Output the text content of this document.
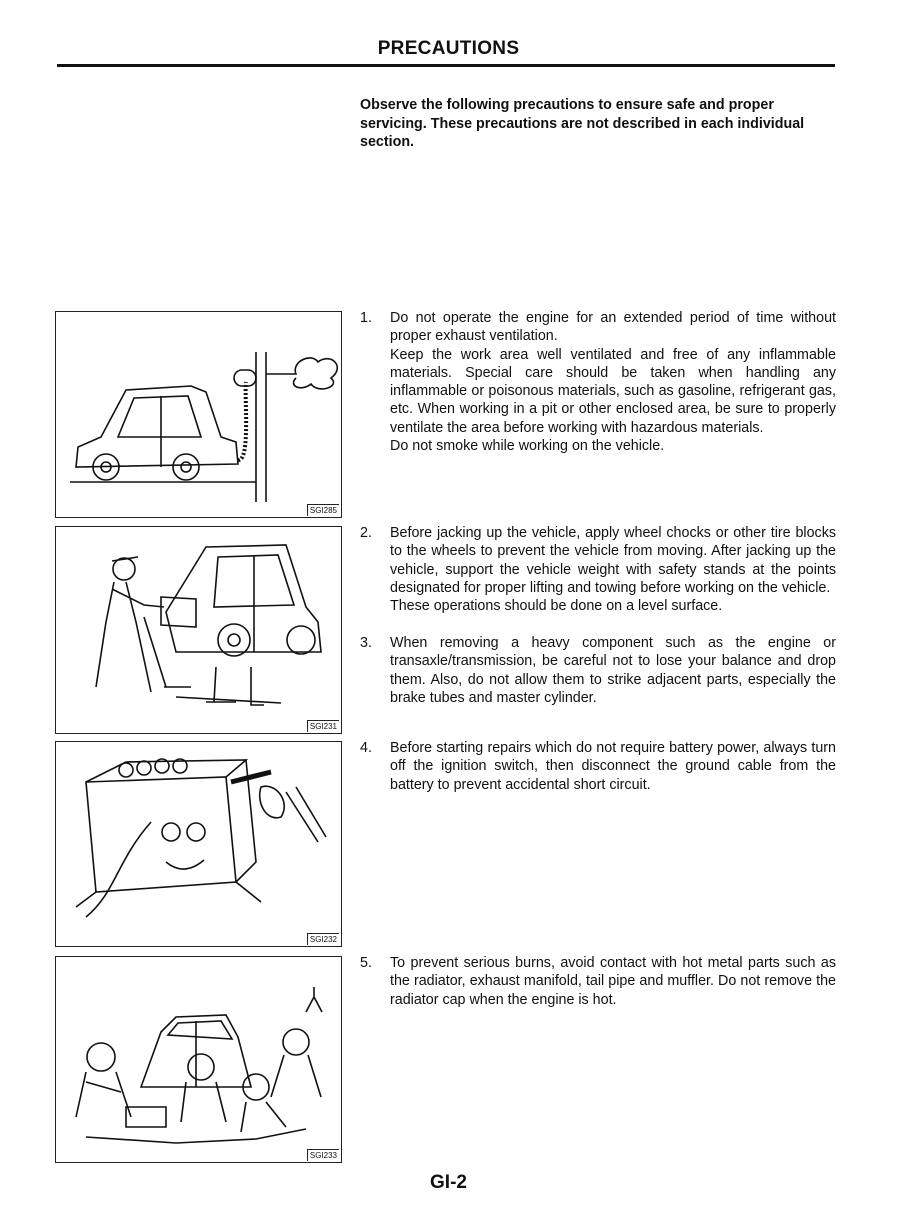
PRECAUTIONS
Observe the following precautions to ensure safe and proper servicing. These precautions are not described in each individual section.
SGI285
SGI231
SGI232
SGI233
1. Do not operate the engine for an extended period of time without proper exhaust ventilation.

Keep the work area well ventilated and free of any inflammable materials. Special care should be taken when handling any inflammable or poisonous materials, such as gasoline, refrigerant gas, etc. When working in a pit or other enclosed area, be sure to properly ventilate the area before working with hazardous materials.

Do not smoke while working on the vehicle.

2. Before jacking up the vehicle, apply wheel chocks or other tire blocks to the wheels to prevent the vehicle from moving. After jacking up the vehicle, support the vehicle weight with safety stands at the points designated for proper lifting and towing before working on the vehicle.

These operations should be done on a level surface.

3. When removing a heavy component such as the engine or transaxle/transmission, be careful not to lose your balance and drop them. Also, do not allow them to strike adjacent parts, especially the brake tubes and master cylinder.

4. Before starting repairs which do not require battery power, always turn off the ignition switch, then disconnect the ground cable from the battery to prevent accidental short circuit.

5. To prevent serious burns, avoid contact with hot metal parts such as the radiator, exhaust manifold, tail pipe and muffler. Do not remove the radiator cap when the engine is hot.

GI-2
